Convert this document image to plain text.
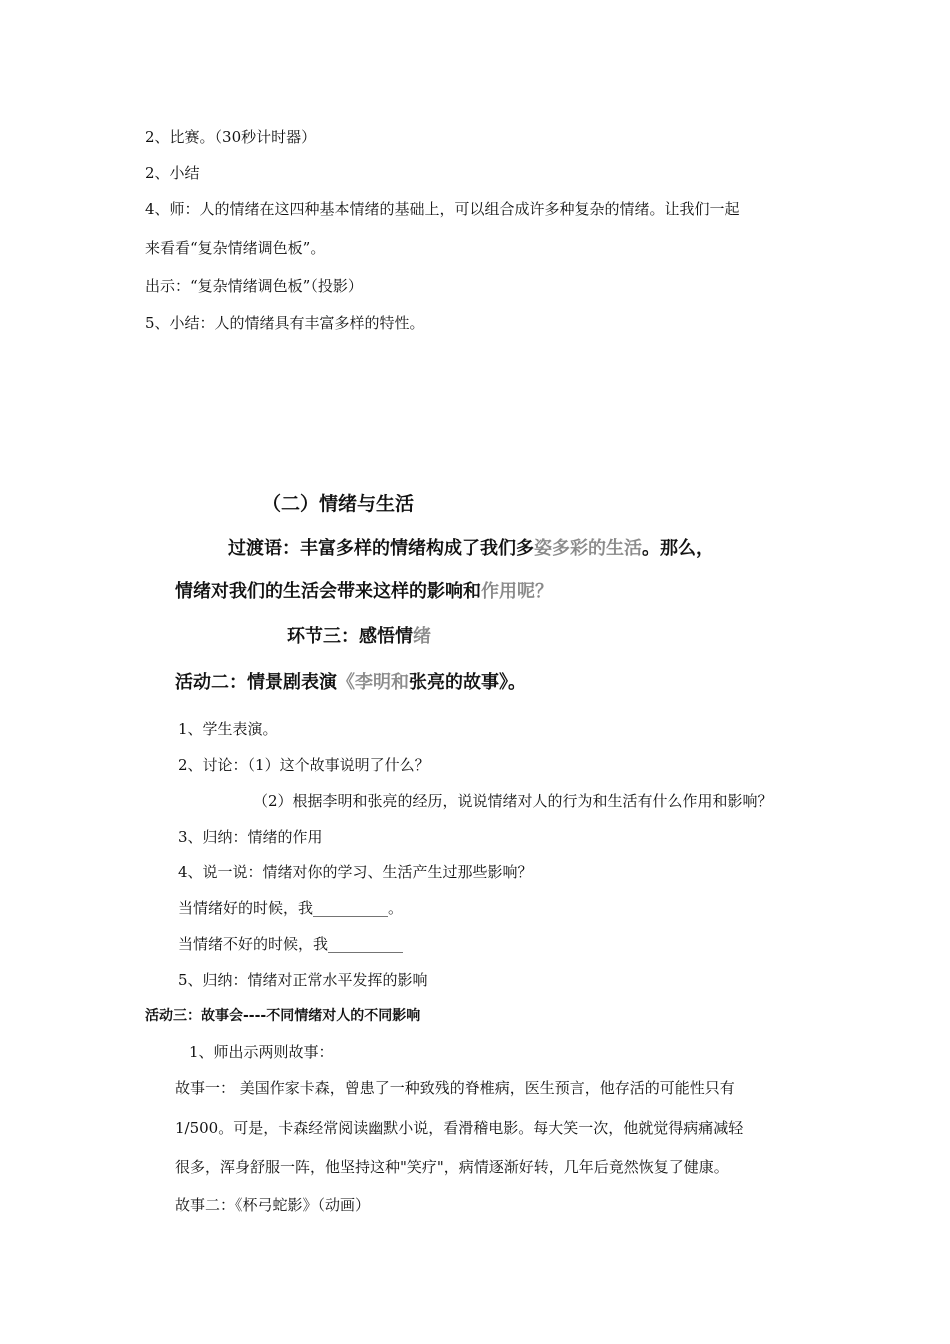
2、比赛。（30秒计时器）
2、小结
4、师：人的情绪在这四种基本情绪的基础上，可以组合成许多种复杂的情绪。让我们一起
来看看“复杂情绪调色板”。
出示：“复杂情绪调色板”（投影）
5、小结：人的情绪具有丰富多样的特性。
（二）情绪与生活
过渡语：丰富多样的情绪构成了我们多姿多彩的生活。那么，
情绪对我们的生活会带来这样的影响和作用呢？
环节三：感悟情绪
活动二：情景剧表演《李明和张亮的故事》。
1、学生表演。
2、讨论：（1）这个故事说明了什么？
（2）根据李明和张亮的经历，说说情绪对人的行为和生活有什么作用和影响？
3、归纳：情绪的作用
4、说一说：情绪对你的学习、生活产生过那些影响？
当情绪好的时候，我__________。
当情绪不好的时候，我__________
5、归纳：情绪对正常水平发挥的影响
活动三：故事会----不同情绪对人的不同影响
1、师出示两则故事：
故事一： 美国作家卡森，曾患了一种致残的脊椎病，医生预言，他存活的可能性只有
1/500。可是，卡森经常阅读幽默小说，看滑稽电影。每大笑一次，他就觉得病痛减轻
很多，浑身舒服一阵，他坚持这种"笑疗"，病情逐渐好转，几年后竟然恢复了健康。
故事二：《杯弓蛇影》（动画）
